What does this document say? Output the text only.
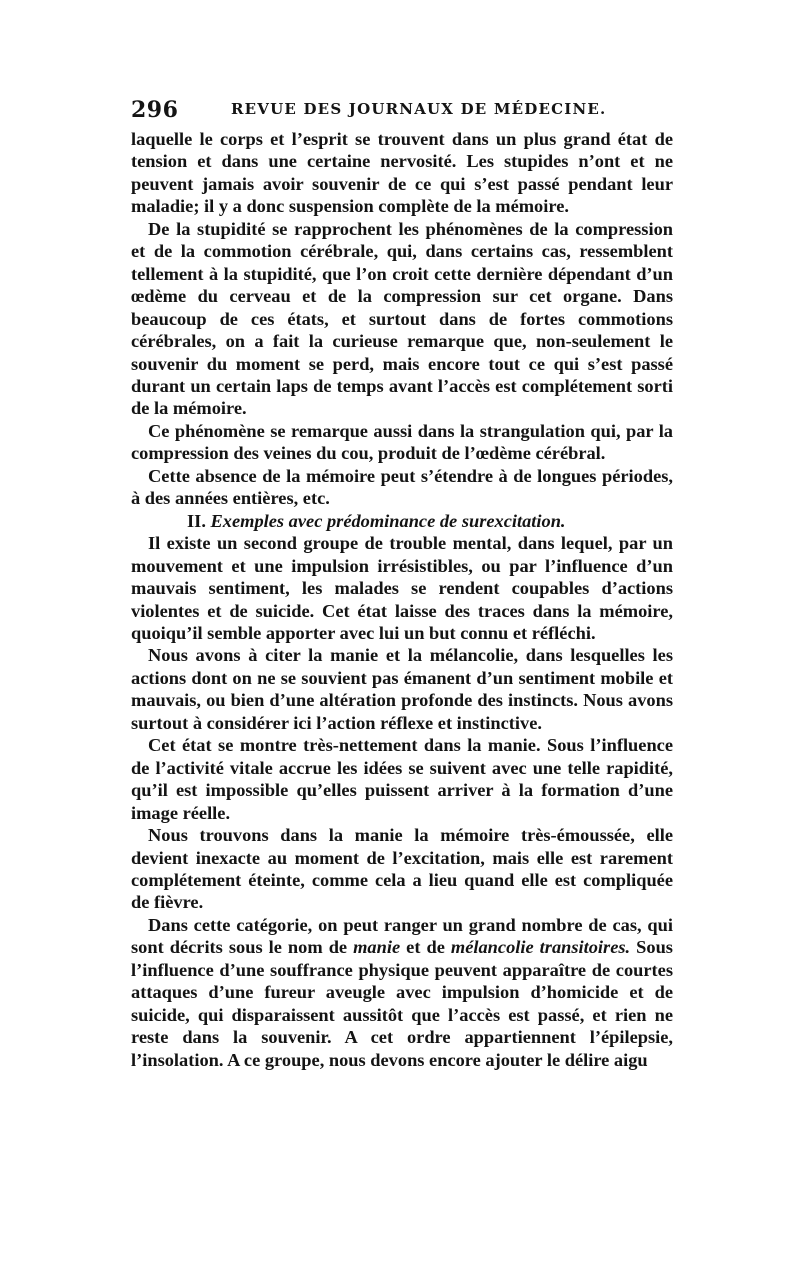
296	REVUE DES JOURNAUX DE MÉDECINE.

laquelle le corps et l’esprit se trouvent dans un plus grand état de tension et dans une certaine nervosité. Les stupides n’ont et ne peuvent jamais avoir souvenir de ce qui s’est passé pendant leur maladie; il y a donc suspension complète de la mémoire.

De la stupidité se rapprochent les phénomènes de la compression et de la commotion cérébrale, qui, dans certains cas, ressemblent tellement à la stupidité, que l’on croit cette dernière dépendant d’un œdème du cerveau et de la compression sur cet organe. Dans beaucoup de ces états, et surtout dans de fortes commotions cérébrales, on a fait la curieuse remarque que, non-seulement le souvenir du moment se perd, mais encore tout ce qui s’est passé durant un certain laps de temps avant l’accès est complétement sorti de la mémoire.

Ce phénomène se remarque aussi dans la strangulation qui, par la compression des veines du cou, produit de l’œdème cérébral.

Cette absence de la mémoire peut s’étendre à de longues périodes, à des années entières, etc.

II. Exemples avec prédominance de surexcitation.

Il existe un second groupe de trouble mental, dans lequel, par un mouvement et une impulsion irrésistibles, ou par l’influence d’un mauvais sentiment, les malades se rendent coupables d’actions violentes et de suicide. Cet état laisse des traces dans la mémoire, quoiqu’il semble apporter avec lui un but connu et réfléchi.

Nous avons à citer la manie et la mélancolie, dans lesquelles les actions dont on ne se souvient pas émanent d’un sentiment mobile et mauvais, ou bien d’une altération profonde des instincts. Nous avons surtout à considérer ici l’action réflexe et instinctive.

Cet état se montre très-nettement dans la manie. Sous l’influence de l’activité vitale accrue les idées se suivent avec une telle rapidité, qu’il est impossible qu’elles puissent arriver à la formation d’une image réelle.

Nous trouvons dans la manie la mémoire très-émoussée, elle devient inexacte au moment de l’excitation, mais elle est rarement complétement éteinte, comme cela a lieu quand elle est compliquée de fièvre.

Dans cette catégorie, on peut ranger un grand nombre de cas, qui sont décrits sous le nom de manie et de mélancolie transitoires. Sous l’influence d’une souffrance physique peuvent apparaître de courtes attaques d’une fureur aveugle avec impulsion d’homicide et de suicide, qui disparaissent aussitôt que l’accès est passé, et rien ne reste dans la souvenir. A cet ordre appartiennent l’épilepsie, l’insolation. A ce groupe, nous devons encore ajouter le délire aigu
